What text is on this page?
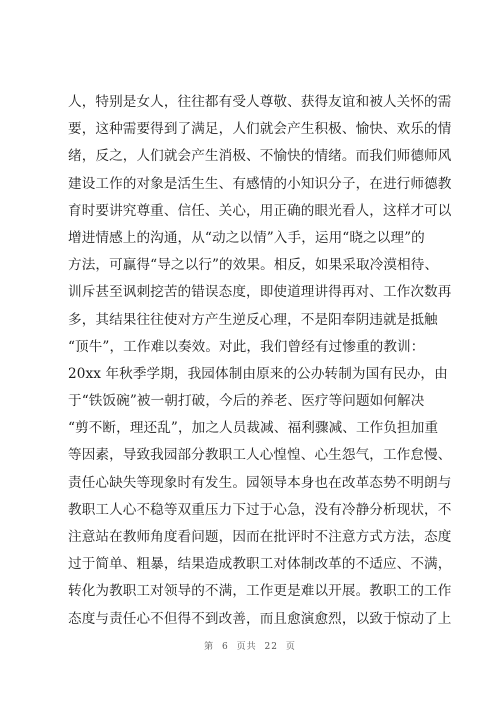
人，特别是女人，往往都有受人尊敬、获得友谊和被人关怀的需
要，这种需要得到了满足，人们就会产生积极、愉快、欢乐的情
绪，反之，人们就会产生消极、不愉快的情绪。而我们师德师风
建设工作的对象是活生生、有感情的小知识分子，在进行师德教
育时要讲究尊重、信任、关心，用正确的眼光看人，这样才可以
增进情感上的沟通，从“动之以情”入手，运用“晓之以理”的
方法，可赢得“导之以行”的效果。相反，如果采取冷漠相待、
训斥甚至讽刺挖苦的错误态度，即使道理讲得再对、工作次数再
多，其结果往往使对方产生逆反心理，不是阳奉阴违就是抵触
“顶牛”，工作难以奏效。对此，我们曾经有过惨重的教训：
20xx 年秋季学期，我园体制由原来的公办转制为国有民办，由
于“铁饭碗”被一朝打破，今后的养老、医疗等问题如何解决
“剪不断，理还乱”，加之人员裁减、福利骤减、工作负担加重
等因素，导致我园部分教职工人心惶惶、心生怨气，工作怠慢、
责任心缺失等现象时有发生。园领导本身也在改革态势不明朗与
教职工人心不稳等双重压力下过于心急，没有冷静分析现状，不
注意站在教师角度看问题，因而在批评时不注意方式方法，态度
过于简单、粗暴，结果造成教职工对体制改革的不适应、不满，
转化为教职工对领导的不满，工作更是难以开展。教职工的工作
态度与责任心不但得不到改善，而且愈演愈烈，以致于惊动了上
第 6 页共 22 页
